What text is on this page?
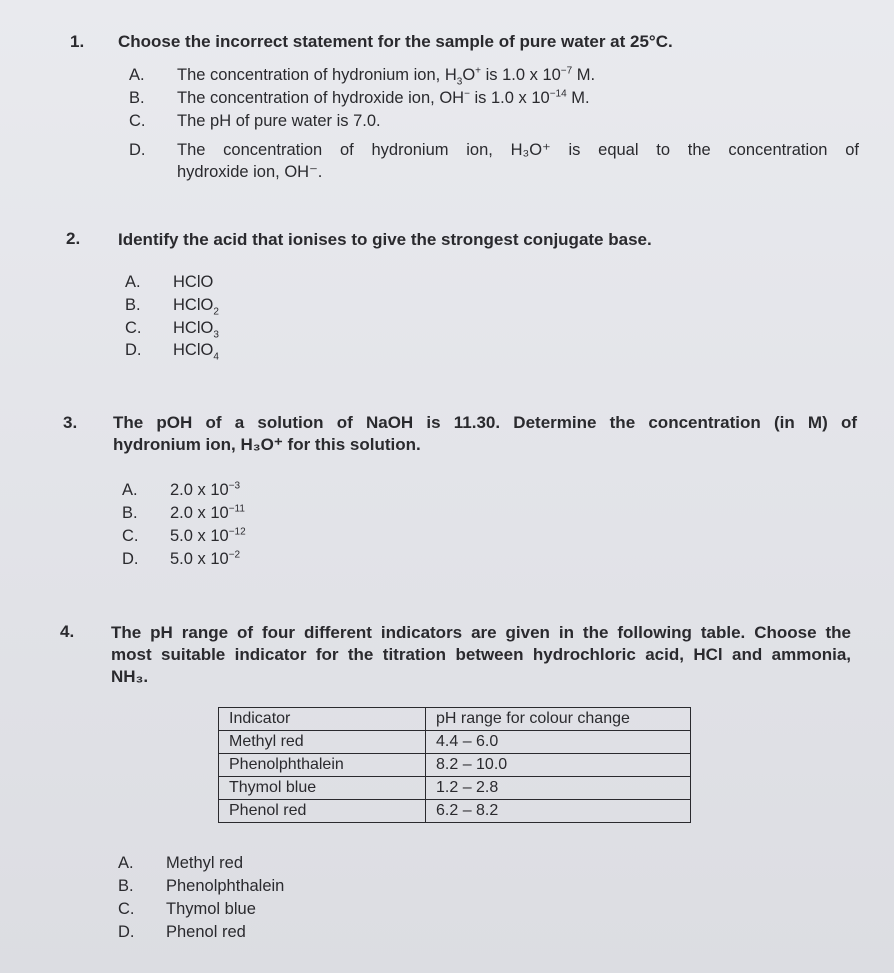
1. Choose the incorrect statement for the sample of pure water at 25°C.
A. The concentration of hydronium ion, $H_3O^+$ is 1.0 x $10^{-7}$ M.
B. The concentration of hydroxide ion, OH− is 1.0 x $10^{-14}$ M.
C. The pH of pure water is 7.0.
D.	The concentration of hydronium ion, H₃O⁺ is equal to the concentration of
hydroxide ion, OH⁻.
2. Identify the acid that ionises to give the strongest conjugate base.
A. HClO
B. HClO$_2$
C. HClO$_3$
D. HClO$_4$
3. The pOH of a solution of NaOH is 11.30. Determine the concentration (in M) of
hydronium ion, H₃O⁺ for this solution.
A. 2.0 x $10^{-3}$
B. 2.0 x $10^{-11}$
C. 5.0 x $10^{-12}$
D. 5.0 x $10^{-2}$
4. The pH range of four different indicators are given in the following table. Choose the
most suitable indicator for the titration between hydrochloric acid, HCl and ammonia,
NH₃.
Indicator	pH range for colour change
Methyl red	4.4 – 6.0
Phenolphthalein	8.2 – 10.0
Thymol blue	1.2 – 2.8
Phenol red	6.2 – 8.2
A. Methyl red
B. Phenolphthalein
C. Thymol blue
D. Phenol red
